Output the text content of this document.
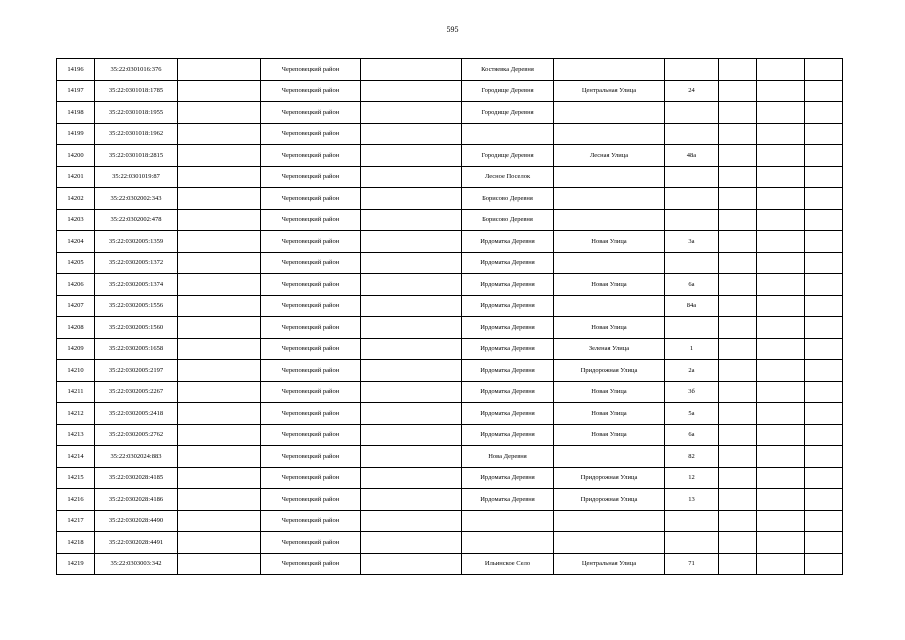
595
14196	35:22:0301016:376		Череповецкий район		Костяевка Деревня					
14197	35:22:0301018:1785		Череповецкий район		Городище Деревня	Центральная Улица	24			
14198	35:22:0301018:1955		Череповецкий район		Городище Деревня					
14199	35:22:0301018:1962		Череповецкий район							
14200	35:22:0301018:2815		Череповецкий район		Городище Деревня	Лесная Улица	48а			
14201	35:22:0301019:87		Череповецкий район		Лесное Поселок					
14202	35:22:0302002:343		Череповецкий район		Борисово Деревня					
14203	35:22:0302002:478		Череповецкий район		Борисово Деревня					
14204	35:22:0302005:1359		Череповецкий район		Ирдоматка Деревня	Новая Улица	3а			
14205	35:22:0302005:1372		Череповецкий район		Ирдоматка Деревня					
14206	35:22:0302005:1374		Череповецкий район		Ирдоматка Деревня	Новая Улица	6а			
14207	35:22:0302005:1556		Череповецкий район		Ирдоматка Деревня		84а			
14208	35:22:0302005:1560		Череповецкий район		Ирдоматка Деревня	Новая Улица				
14209	35:22:0302005:1658		Череповецкий район		Ирдоматка Деревня	Зеленая Улица	1			
14210	35:22:0302005:2197		Череповецкий район		Ирдоматка Деревня	Придорожная Улица	2а			
14211	35:22:0302005:2267		Череповецкий район		Ирдоматка Деревня	Новая Улица	3б			
14212	35:22:0302005:2418		Череповецкий район		Ирдоматка Деревня	Новая Улица	5а			
14213	35:22:0302005:2762		Череповецкий район		Ирдоматка Деревня	Новая Улица	6а			
14214	35:22:0302024:883		Череповецкий район		Нова Деревня		82			
14215	35:22:0302028:4185		Череповецкий район		Ирдоматка Деревня	Придорожная Улица	12			
14216	35:22:0302028:4186		Череповецкий район		Ирдоматка Деревня	Придорожная Улица	13			
14217	35:22:0302028:4490		Череповецкий район							
14218	35:22:0302028:4491		Череповецкий район							
14219	35:22:0303003:342		Череповецкий район		Ильинское Село	Центральная Улица	71			
